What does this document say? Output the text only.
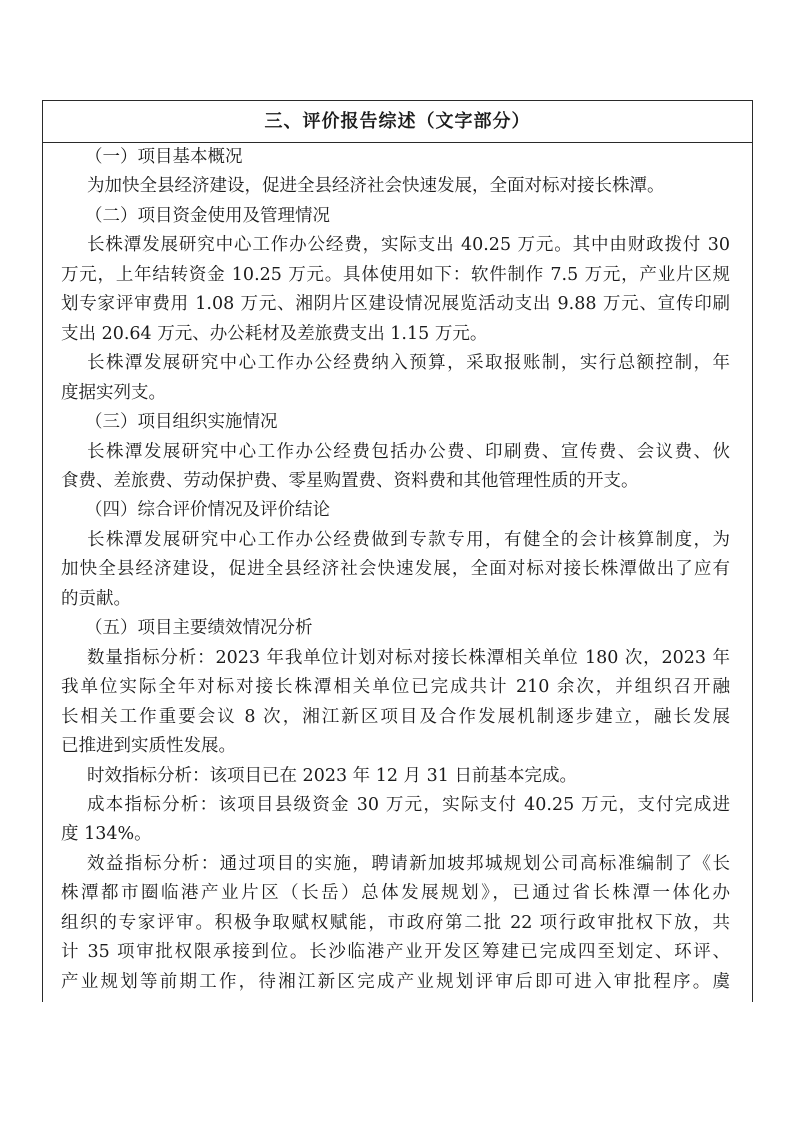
三、评价报告综述（文字部分）
（一）项目基本概况
为加快全县经济建设，促进全县经济社会快速发展，全面对标对接长株潭。
（二）项目资金使用及管理情况
长株潭发展研究中心工作办公经费，实际支出 40.25 万元。其中由财政拨付 30
万元，上年结转资金 10.25 万元。具体使用如下：软件制作 7.5 万元，产业片区规
划专家评审费用 1.08 万元、湘阴片区建设情况展览活动支出 9.88 万元、宣传印刷
支出 20.64 万元、办公耗材及差旅费支出 1.15 万元。
长株潭发展研究中心工作办公经费纳入预算，采取报账制，实行总额控制，年
度据实列支。
（三）项目组织实施情况
长株潭发展研究中心工作办公经费包括办公费、印刷费、宣传费、会议费、伙
食费、差旅费、劳动保护费、零星购置费、资料费和其他管理性质的开支。
（四）综合评价情况及评价结论
长株潭发展研究中心工作办公经费做到专款专用，有健全的会计核算制度，为
加快全县经济建设，促进全县经济社会快速发展，全面对标对接长株潭做出了应有
的贡献。
（五）项目主要绩效情况分析
数量指标分析：2023 年我单位计划对标对接长株潭相关单位 180 次，2023 年
我单位实际全年对标对接长株潭相关单位已完成共计 210 余次，并组织召开融
长相关工作重要会议 8 次，湘江新区项目及合作发展机制逐步建立，融长发展
已推进到实质性发展。
时效指标分析：该项目已在 2023 年 12 月 31 日前基本完成。
成本指标分析：该项目县级资金 30 万元，实际支付 40.25 万元，支付完成进
度 134%。
效益指标分析：通过项目的实施，聘请新加坡邦城规划公司高标准编制了《长
株潭都市圈临港产业片区（长岳）总体发展规划》，已通过省长株潭一体化办
组织的专家评审。积极争取赋权赋能，市政府第二批 22 项行政审批权下放，共
计 35 项审批权限承接到位。长沙临港产业开发区筹建已完成四至划定、环评、
产业规划等前期工作，待湘江新区完成产业规划评审后即可进入审批程序。虞
